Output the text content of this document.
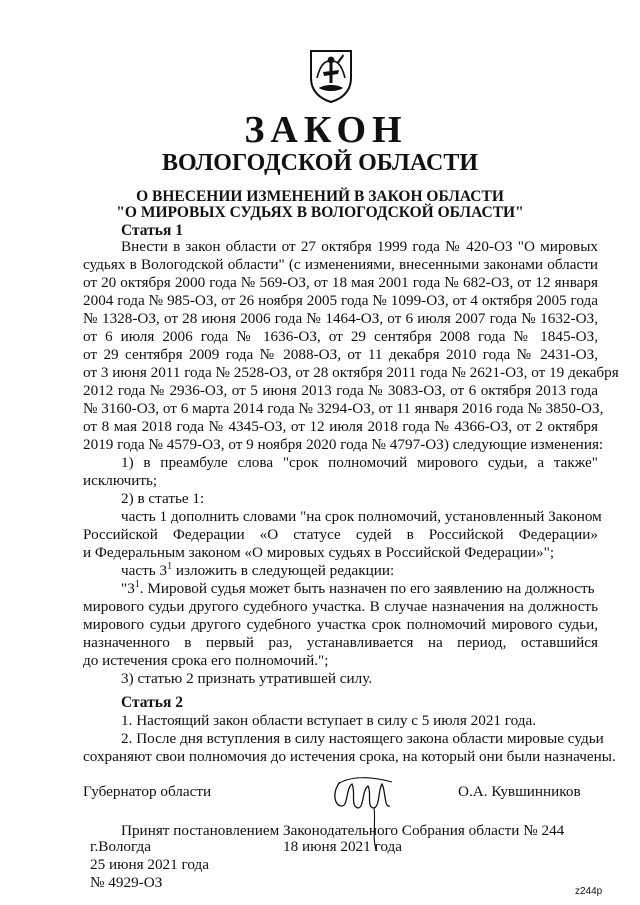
ЗАКОН
ВОЛОГОДСКОЙ ОБЛАСТИ
О ВНЕСЕНИИ ИЗМЕНЕНИЙ В ЗАКОН ОБЛАСТИ
"О МИРОВЫХ СУДЬЯХ В ВОЛОГОДСКОЙ ОБЛАСТИ"
Статья 1
Внести в закон области от 27 октября 1999 года № 420-ОЗ "О мировых
судьях в Вологодской области" (с изменениями, внесенными законами области
от 20 октября 2000 года № 569-ОЗ, от 18 мая 2001 года № 682-ОЗ, от 12 января
2004 года № 985-ОЗ, от 26 ноября 2005 года № 1099-ОЗ, от 4 октября 2005 года
№ 1328-ОЗ, от 28 июня 2006 года № 1464-ОЗ, от 6 июля 2007 года № 1632-ОЗ,
от 6 июля 2006 года № 1636-ОЗ, от 29 сентября 2008 года № 1845-ОЗ,
от 29 сентября 2009 года № 2088-ОЗ, от 11 декабря 2010 года № 2431-ОЗ,
от 3 июня 2011 года № 2528-ОЗ, от 28 октября 2011 года № 2621-ОЗ, от 19 декабря
2012 года № 2936-ОЗ, от 5 июня 2013 года № 3083-ОЗ, от 6 октября 2013 года
№ 3160-ОЗ, от 6 марта 2014 года № 3294-ОЗ, от 11 января 2016 года № 3850-ОЗ,
от 8 мая 2018 года № 4345-ОЗ, от 12 июля 2018 года № 4366-ОЗ, от 2 октября
2019 года № 4579-ОЗ, от 9 ноября 2020 года № 4797-ОЗ) следующие изменения:
1) в преамбуле слова "срок полномочий мирового судьи, а также"
исключить;
2) в статье 1:
часть 1 дополнить словами "на срок полномочий, установленный Законом
Российской Федерации «О статусе судей в Российской Федерации»
и Федеральным законом «О мировых судьях в Российской Федерации»";
часть $3^1$ изложить в следующей редакции:
"$3^1$. Мировой судья может быть назначен по его заявлению на должность
мирового судьи другого судебного участка. В случае назначения на должность
мирового судьи другого судебного участка срок полномочий мирового судьи,
Статья 2
1. Настоящий закон области вступает в силу с 5 июля 2021 года.
2. После дня вступления в силу настоящего закона области мировые судьи
сохраняют свои полномочия до истечения срока, на который они были назначены.
Губернатор области	О.А. Кувшинников
Принят постановлением Законодательного Собрания области № 244
18 июня 2021 года
г.Вологда
25 июня 2021 года
№ 4929-ОЗ
z244p
назначенного в первый раз, устанавливается на период, оставшийся
до истечения срока его полномочий.";
3) статью 2 признать утратившей силу.
